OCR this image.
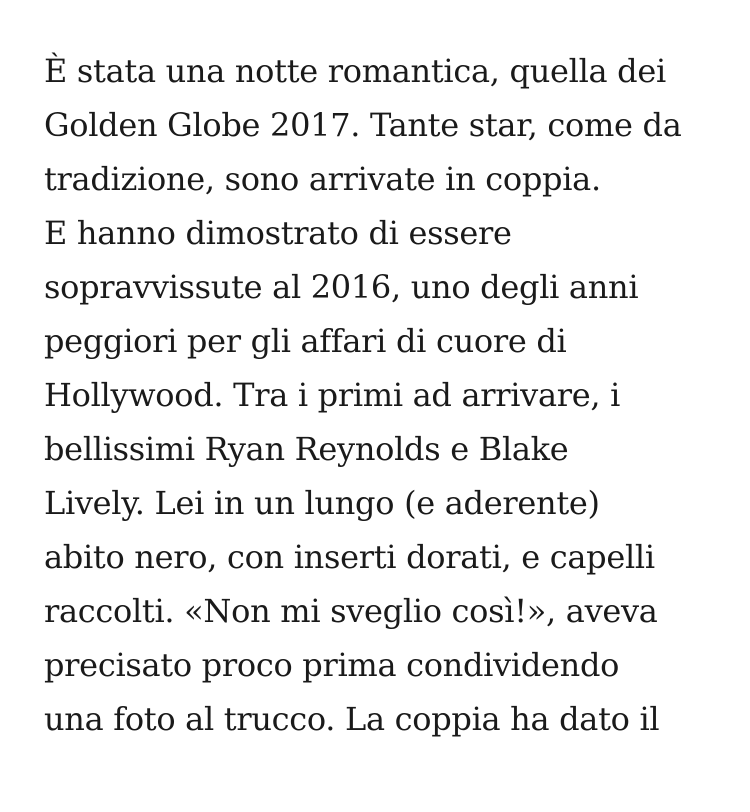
È stata una notte romantica, quella dei
Golden Globe 2017. Tante star, come da
tradizione, sono arrivate in coppia.
E hanno dimostrato di essere
sopravvissute al 2016, uno degli anni
peggiori per gli affari di cuore di
Hollywood. Tra i primi ad arrivare, i
bellissimi Ryan Reynolds e Blake
Lively. Lei in un lungo (e aderente)
abito nero, con inserti dorati, e capelli
raccolti. «Non mi sveglio così!», aveva
precisato proco prima condividendo
una foto al trucco. La coppia ha dato il
